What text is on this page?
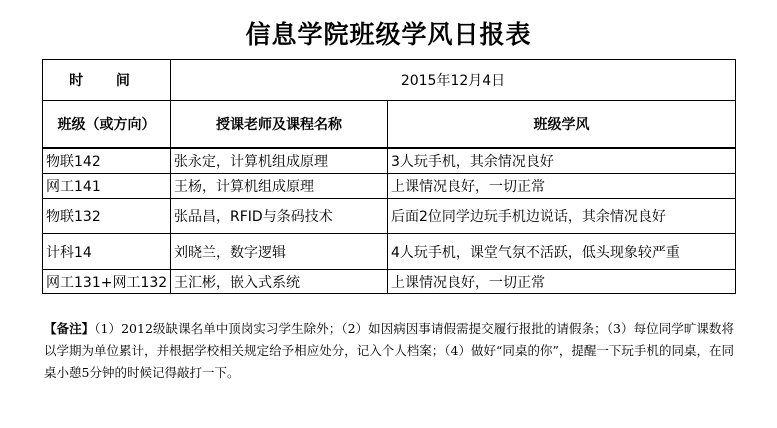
信息学院班级学风日报表
时 间	2015年12月4日	
班级（或方向）	授课老师及课程名称	班级学风
物联142	张永定，计算机组成原理	3人玩手机，其余情况良好
网工141	王杨，计算机组成原理	上课情况良好，一切正常
物联132	张品昌，RFID与条码技术	后面2位同学边玩手机边说话，其余情况良好
计科14	刘晓兰，数字逻辑	4人玩手机，课堂气氛不活跃，低头现象较严重
网工131+网工132	王汇彬，嵌入式系统	上课情况良好，一切正常
【备注】（1）2012级缺课名单中顶岗实习学生除外；（2）如因病因事请假需提交履行报批的请假条；（3）每位同学旷课数将以学期为单位累计，并根据学校相关规定给予相应处分，记入个人档案；（4）做好“同桌的你”，提醒一下玩手机的同桌，在同桌小憩5分钟的时候记得敲打一下。
